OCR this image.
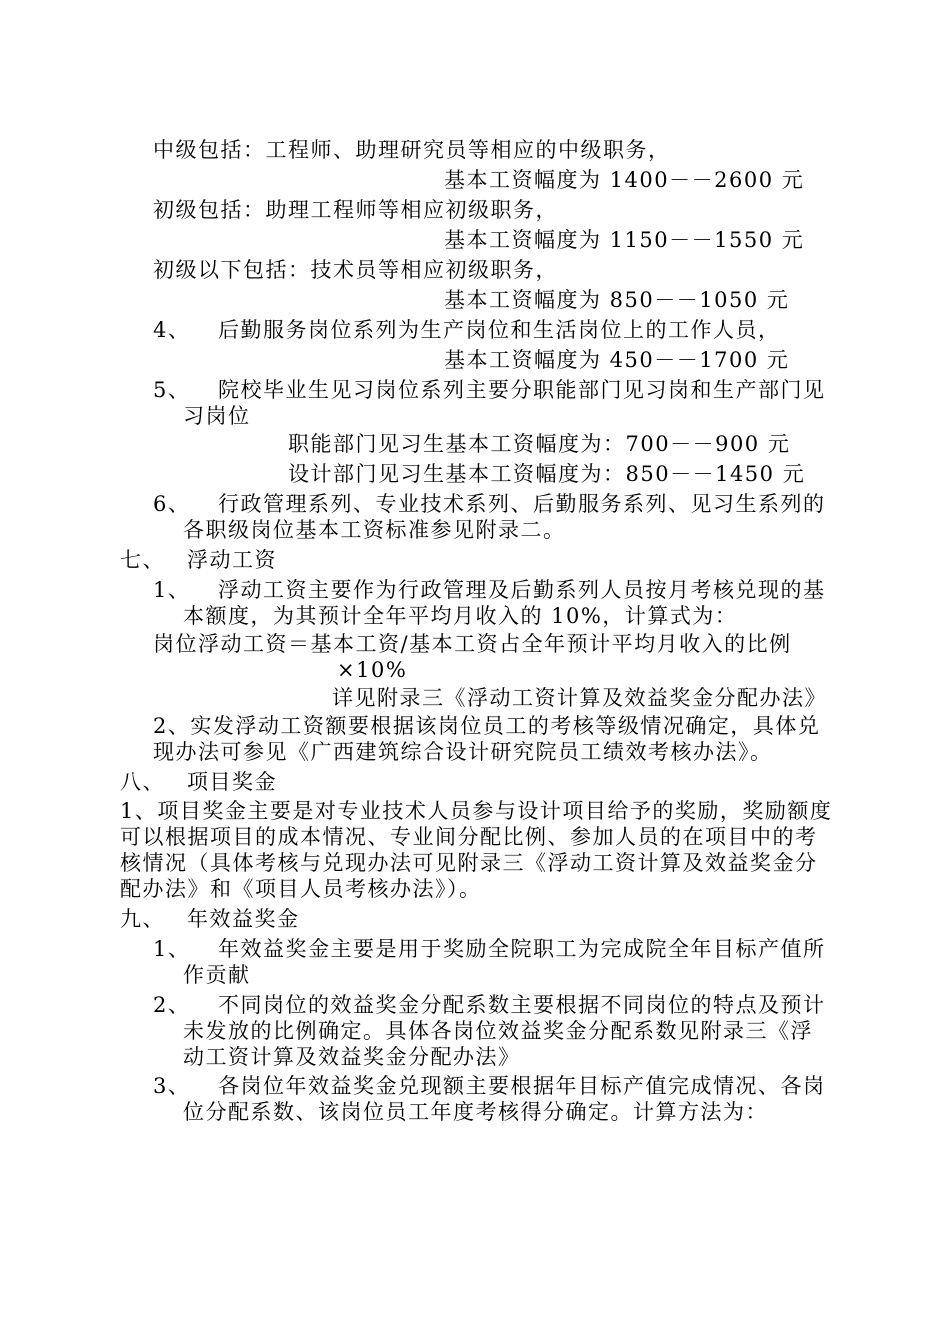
中级包括：工程师、助理研究员等相应的中级职务，
基本工资幅度为 1400－－2600 元
初级包括：助理工程师等相应初级职务，
基本工资幅度为 1150－－1550 元
初级以下包括：技术员等相应初级职务，
基本工资幅度为 850－－1050 元
4、 后勤服务岗位系列为生产岗位和生活岗位上的工作人员，
基本工资幅度为 450－－1700 元
5、 院校毕业生见习岗位系列主要分职能部门见习岗和生产部门见
习岗位
职能部门见习生基本工资幅度为：700－－900 元
设计部门见习生基本工资幅度为：850－－1450 元
6、 行政管理系列、专业技术系列、后勤服务系列、见习生系列的
各职级岗位基本工资标准参见附录二。
七、 浮动工资
1、 浮动工资主要作为行政管理及后勤系列人员按月考核兑现的基
本额度，为其预计全年平均月收入的 10%，计算式为：
岗位浮动工资＝基本工资/基本工资占全年预计平均月收入的比例
×10%
详见附录三《浮动工资计算及效益奖金分配办法》
2、实发浮动工资额要根据该岗位员工的考核等级情况确定，具体兑
现办法可参见《广西建筑综合设计研究院员工绩效考核办法》。
八、 项目奖金
1、项目奖金主要是对专业技术人员参与设计项目给予的奖励，奖励额度
可以根据项目的成本情况、专业间分配比例、参加人员的在项目中的考
核情况（具体考核与兑现办法可见附录三《浮动工资计算及效益奖金分
配办法》和《项目人员考核办法》）。
九、 年效益奖金
1、 年效益奖金主要是用于奖励全院职工为完成院全年目标产值所
作贡献
2、 不同岗位的效益奖金分配系数主要根据不同岗位的特点及预计
未发放的比例确定。具体各岗位效益奖金分配系数见附录三《浮
动工资计算及效益奖金分配办法》
3、 各岗位年效益奖金兑现额主要根据年目标产值完成情况、各岗
位分配系数、该岗位员工年度考核得分确定。计算方法为：
